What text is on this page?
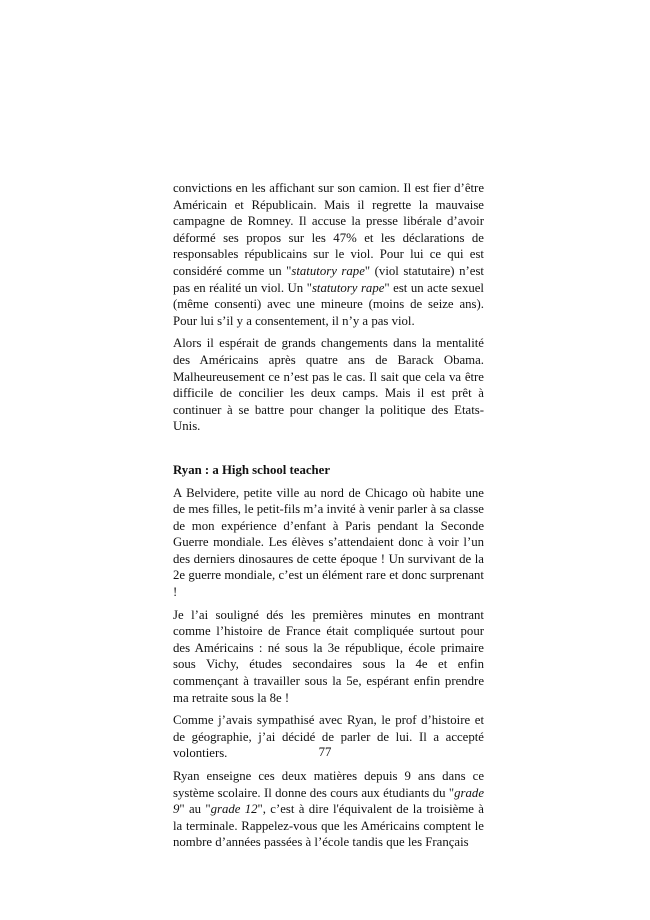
convictions en les affichant sur son camion. Il est fier d’être Américain et Républicain. Mais il regrette la mauvaise campagne de Romney. Il accuse la presse libérale d’avoir déformé ses propos sur les 47% et les déclarations de responsables républicains sur le viol. Pour lui ce qui est considéré comme un "statutory rape" (viol statutaire) n’est pas en réalité un viol. Un "statutory rape" est un acte sexuel (même consenti) avec une mineure (moins de seize ans). Pour lui s’il y a consentement, il n’y a pas viol.

Alors il espérait de grands changements dans la mentalité des Américains après quatre ans de Barack Obama. Malheureusement ce n’est pas le cas. Il sait que cela va être difficile de concilier les deux camps. Mais il est prêt à continuer à se battre pour changer la politique des Etats-Unis.

Ryan : a High school teacher

A Belvidere, petite ville au nord de Chicago où habite une de mes filles, le petit-fils m’a invité à venir parler à sa classe de mon expérience d’enfant à Paris pendant la Seconde Guerre mondiale. Les élèves s’attendaient donc à voir l’un des derniers dinosaures de cette époque ! Un survivant de la 2e guerre mondiale, c’est un élément rare et donc surprenant !

Je l’ai souligné dés les premières minutes en montrant comme l’histoire de France était compliquée surtout pour des Américains : né sous la 3e république, école primaire sous Vichy, études secondaires sous la 4e et enfin commençant à travailler sous la 5e, espérant enfin prendre ma retraite sous la 8e !

Comme j’avais sympathisé avec Ryan, le prof d’histoire et de géographie, j’ai décidé de parler de lui. Il a accepté volontiers.

Ryan enseigne ces deux matières depuis 9 ans dans ce système scolaire. Il donne des cours aux étudiants du "grade 9" au "grade 12", c’est à dire l'équivalent de la troisième à la terminale. Rappelez-vous que les Américains comptent le nombre d’années passées à l’école tandis que les Français

77
